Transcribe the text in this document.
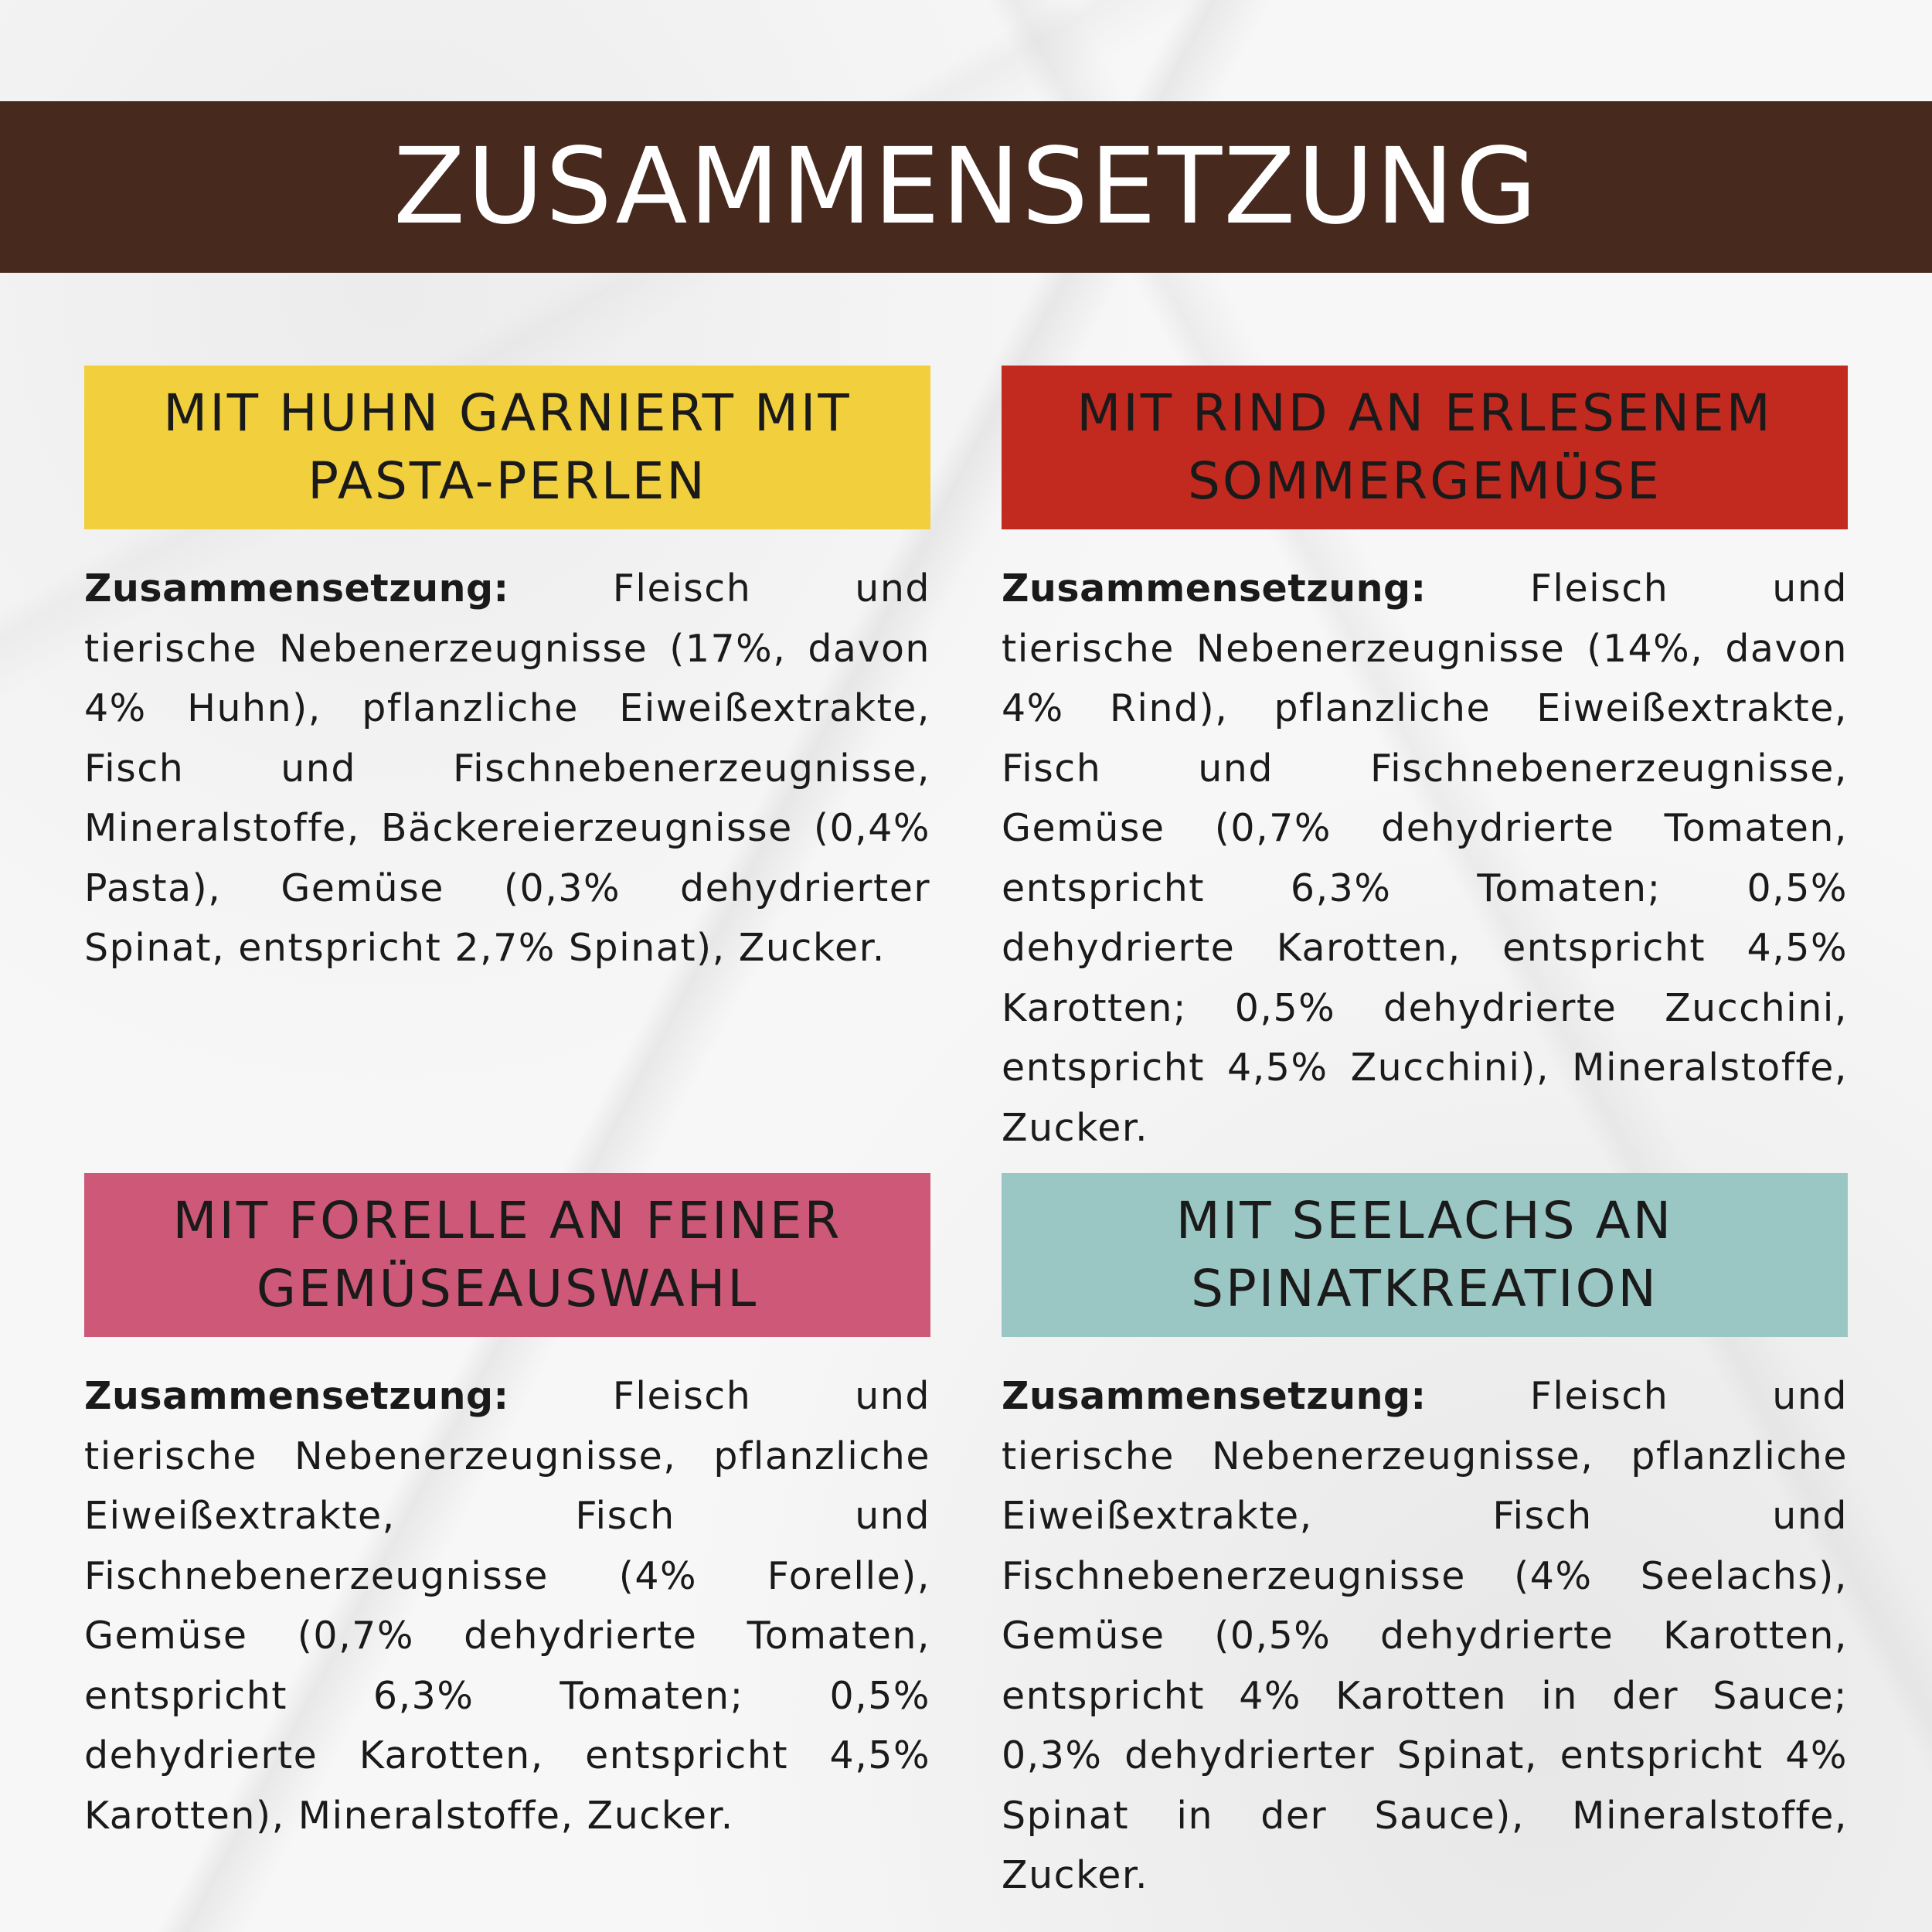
ZUSAMMENSETZUNG
MIT HUHN GARNIERT MIT PASTA-PERLEN
Zusammensetzung:	Fleisch und tierische Nebenerzeugnisse (17%, davon 4% Huhn), pflanzliche Eiweißextrakte, Fisch und Fischnebenerzeugnisse, Mineralstoffe, Bäckereierzeugnisse (0,4% Pasta), Gemüse (0,3% dehydrierter Spinat, entspricht 2,7% Spinat), Zucker.
MIT RIND AN ERLESENEM SOMMERGEMÜSE
Zusammensetzung:	Fleisch und tierische Nebenerzeugnisse (14%, davon 4% Rind), pflanzliche Eiweißextrakte, Fisch und Fischnebenerzeugnisse, Gemüse (0,7% dehydrierte Tomaten, entspricht 6,3% Tomaten; 0,5% dehydrierte Karotten, entspricht 4,5% Karotten; 0,5% dehydrierte Zucchini, entspricht 4,5% Zucchini), Mineralstoffe, Zucker.
MIT FORELLE AN FEINER GEMÜSEAUSWAHL
Zusammensetzung:	Fleisch und tierische Nebenerzeugnisse, pflanzliche Eiweißextrakte, Fisch und Fischnebenerzeugnisse (4% Forelle), Gemüse (0,7% dehydrierte Tomaten, entspricht 6,3% Tomaten; 0,5% dehydrierte Karotten, entspricht 4,5% Karotten), Mineralstoffe, Zucker.
MIT SEELACHS AN SPINATKREATION
Zusammensetzung:	Fleisch und tierische Nebenerzeugnisse, pflanzliche Eiweißextrakte, Fisch und Fischnebenerzeugnisse (4% Seelachs), Gemüse (0,5% dehydrierte Karotten, entspricht 4% Karotten in der Sauce; 0,3% dehydrierter Spinat, entspricht 4% Spinat in der Sauce), Mineralstoffe, Zucker.
